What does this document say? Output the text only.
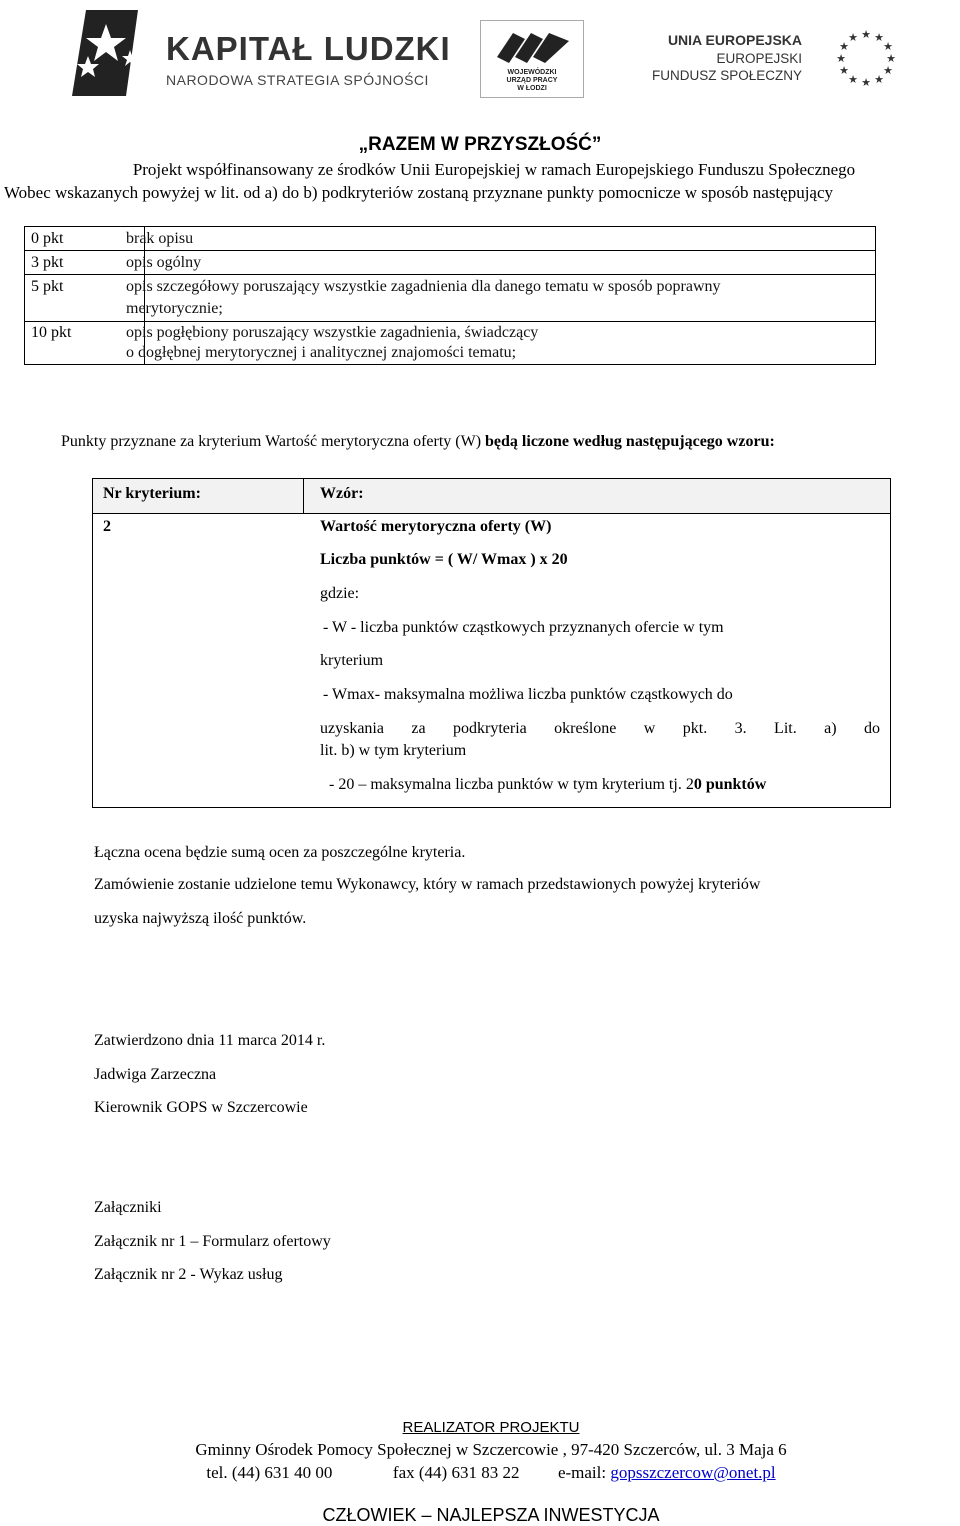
KAPITAŁ LUDZKI
NARODOWA STRATEGIA SPÓJNOŚCI	WOJEWÓDZKI
URZĄD PRACY
W ŁODZI
UNIA EUROPEJSKA
EUROPEJSKI
FUNDUSZ SPOŁECZNY
★ ★
★
★
★
★
★
★
★
★
★
★
„RAZEM W PRZYSZŁOŚĆ”
Projekt współfinansowany ze środków Unii Europejskiej w ramach Europejskiego Funduszu Społecznego
Wobec wskazanych powyżej w lit. od a) do b) podkryteriów zostaną przyznane punkty pomocnicze w sposób następujący
0 pkt	brak opisu
3 pkt	opis ogólny
5 pkt	opis szczegółowy poruszający wszystkie zagadnienia dla danego tematu w sposób poprawny
merytorycznie;
10 pkt	opis pogłębiony poruszający wszystkie zagadnienia, świadczący
o dogłębnej merytorycznej i analitycznej znajomości tematu;
Punkty przyznane za kryterium Wartość merytoryczna oferty (W) będą liczone według następującego wzoru:
Nr kryterium:	Wzór:
2	Wartość merytoryczna oferty (W)
Liczba punktów = ( W/ Wmax ) x 20
gdzie:
- W - liczba punktów cząstkowych przyznanych ofercie w tym
kryterium
- Wmax- maksymalna możliwa liczba punktów cząstkowych do
uzyskania za podkryteria określone w pkt. 3. Lit. a) do
lit. b) w tym kryterium
- 20 – maksymalna liczba punktów w tym kryterium tj. 20 punktów
Łączna ocena będzie sumą ocen za poszczególne kryteria.
Zamówienie zostanie udzielone temu Wykonawcy, który w ramach przedstawionych powyżej kryteriów
uzyska najwyższą ilość punktów.
Zatwierdzono dnia 11 marca 2014 r.
Jadwiga Zarzeczna
Kierownik GOPS w Szczercowie
Załączniki
Załącznik nr 1 – Formularz ofertowy
Załącznik nr 2 - Wykaz usług
REALIZATOR PROJEKTU
Gminny Ośrodek Pomocy Społecznej w Szczercowie , 97-420 Szczerców, ul. 3 Maja 6
tel. (44) 631 40 00	fax (44) 631 83 22 e-mail: gopsszczercow@onet.pl
CZŁOWIEK – NAJLEPSZA INWESTYCJA
